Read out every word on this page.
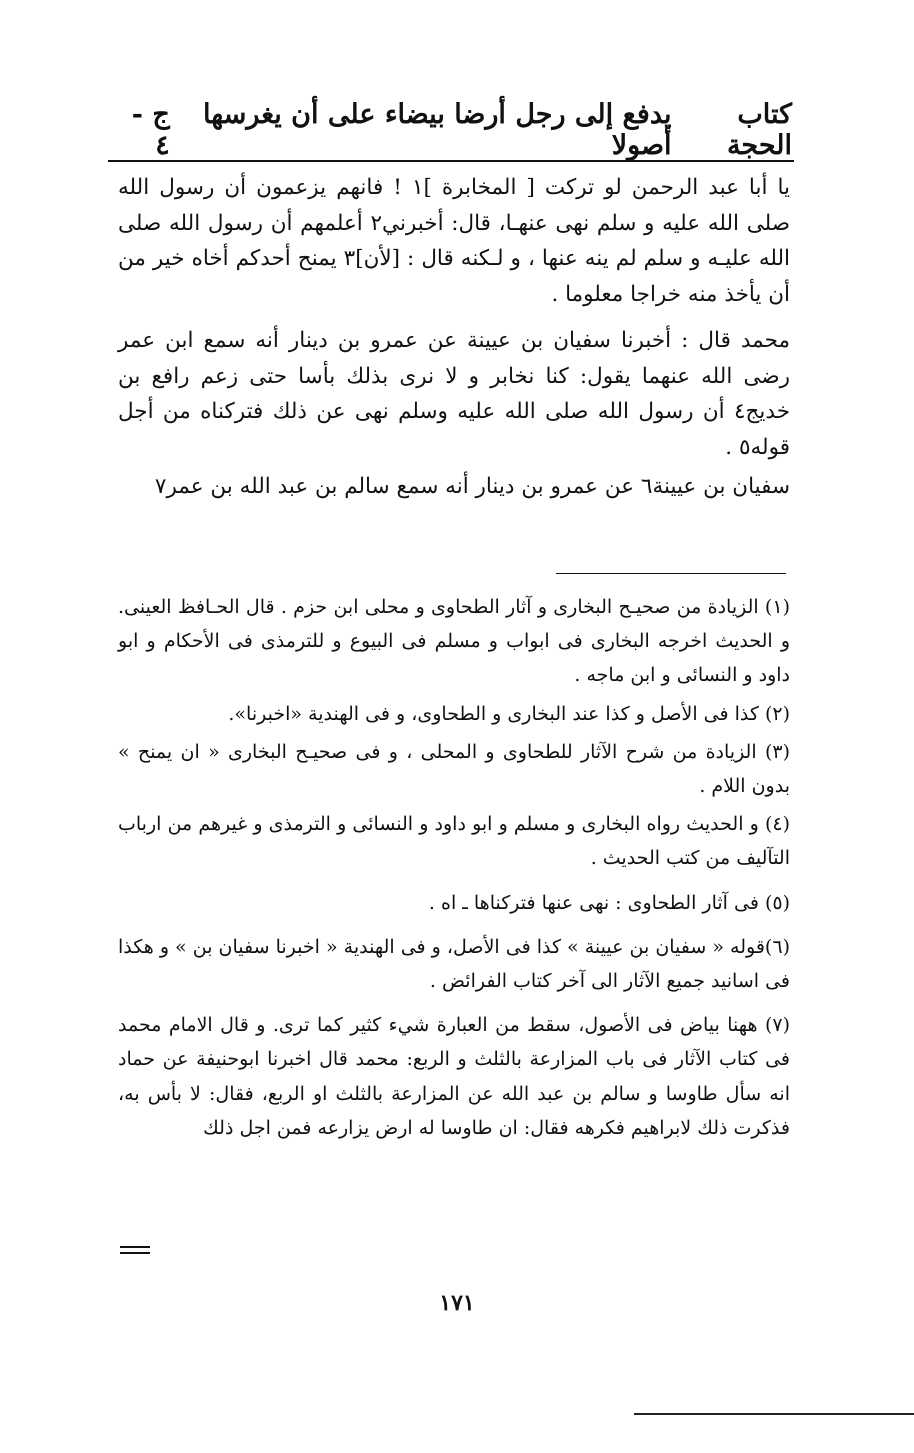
كتاب الحجة
يدفع إلى رجل أرضا بيضاء على أن يغرسها أصولا
ج - ٤

يا أبا عبد الرحمن لو تركت [ المخابرة ]١ ! فانهم يزعمون أن رسول الله صلى الله عليه و سلم نهى عنهـا، قال: أخبرني٢ أعلمهم أن رسول الله صلى الله عليـه و سلم لم ينه عنها ، و لـكنه قال : [لأن]٣ يمنح أحدكم أخاه خير من أن يأخذ منه خراجا معلوما .

محمد قال : أخبرنا سفيان بن عيينة عن عمرو بن دينار أنه سمع ابن عمر رضى الله عنهما يقول: كنا نخابر و لا نرى بذلك بأسا حتى زعم رافع بن خديج٤ أن رسول الله صلى الله عليه وسلم نهى عن ذلك فتركناه من أجل قوله٥ .

سفيان بن عيينة٦ عن عمرو بن دينار أنه سمع سالم بن عبد الله بن عمر٧

(١) الزيادة من صحيـح البخارى و آثار الطحاوى و محلى ابن حزم . قال الحـافظ العينى. و الحديث اخرجه البخارى فى ابواب و مسلم فى البيوع و للترمذى فى الأحكام و ابو داود و النسائى و ابن ماجه .

(٢) كذا فى الأصل و كذا عند البخارى و الطحاوى، و فى الهندية «اخبرنا».

(٣) الزيادة من شرح الآثار للطحاوى و المحلى ، و فى صحيـح البخارى « ان يمنح » بدون اللام .

(٤) و الحديث رواه البخارى و مسلم و ابو داود و النسائى و الترمذى و غيرهم من ارباب التآليف من كتب الحديث .

(٥) فى آثار الطحاوى : نهى عنها فتركناها ـ اه .

(٦)قوله « سفيان بن عيينة » كذا فى الأصل، و فى الهندية « اخبرنا سفيان بن » و هكذا فى اسانيد جميع الآثار الى آخر كتاب الفرائض .

(٧) ههنا بياض فى الأصول، سقط من العبارة شيء كثير كما ترى. و قال الامام محمد فى كتاب الآثار فى باب المزارعة بالثلث و الربع: محمد قال اخبرنا ابوحنيفة عن حماد انه سأل طاوسا و سالم بن عبد الله عن المزارعة بالثلث او الربع، فقال: لا بأس به، فذكرت ذلك لابراهيم فكرهه فقال: ان طاوسا له ارض يزارعه فمن اجل ذلك

١٧١
